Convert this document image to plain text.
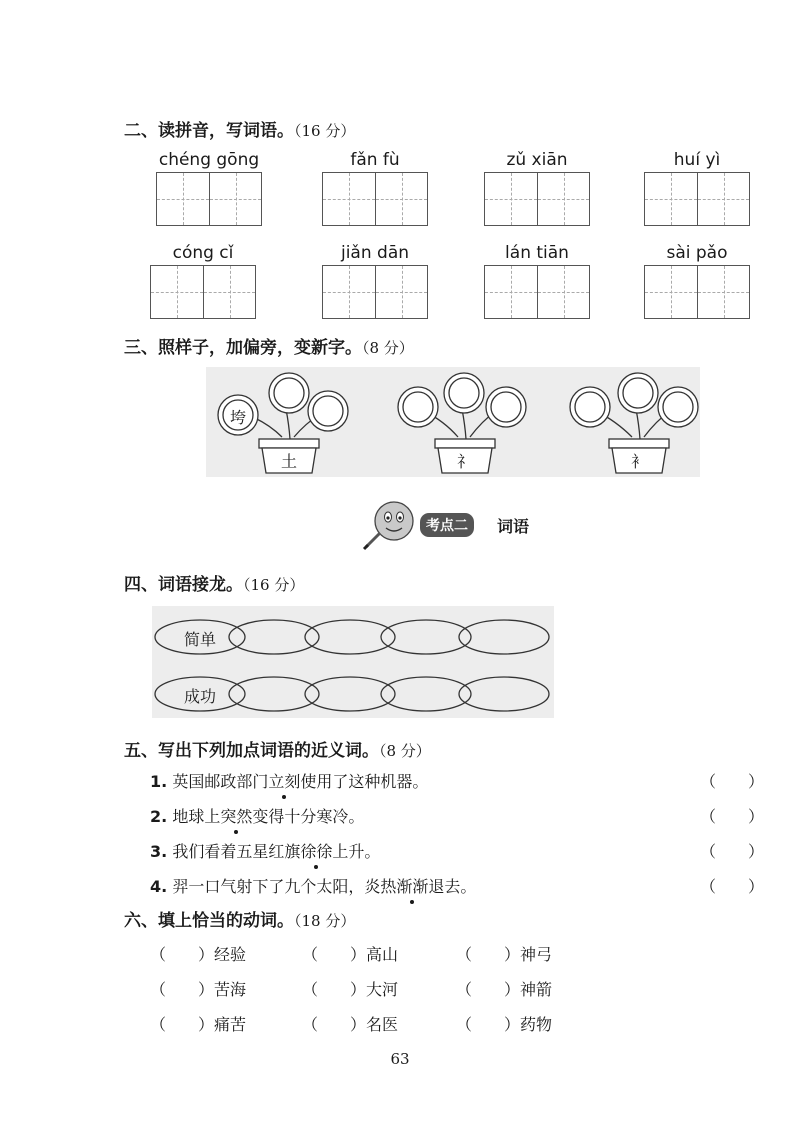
二、读拼音，写词语。（16 分）
chéng gōng	fǎn fù	zǔ xiān	huí yì
cóng cǐ	jiǎn dān	lán tiān	sài pǎo
三、照样子，加偏旁，变新字。（8 分）
垮
土	礻	衤
考点二	词语
四、词语接龙。（16 分）
简单
成功
五、写出下列加点词语的近义词。（8 分）
1. 英国邮政部门立刻使用了这种机器。	（　　）
2. 地球上突然变得十分寒冷。	（　　）
3. 我们看着五星红旗徐徐上升。	（　　）
4. 羿一口气射下了九个太阳，炎热渐渐退去。	（　　）
六、填上恰当的动词。（18 分）
（　　）经验	（　　）高山	（　　）神弓
（　　）苦海	（　　）大河	（　　）神箭
（　　）痛苦	（　　）名医	（　　）药物
63
